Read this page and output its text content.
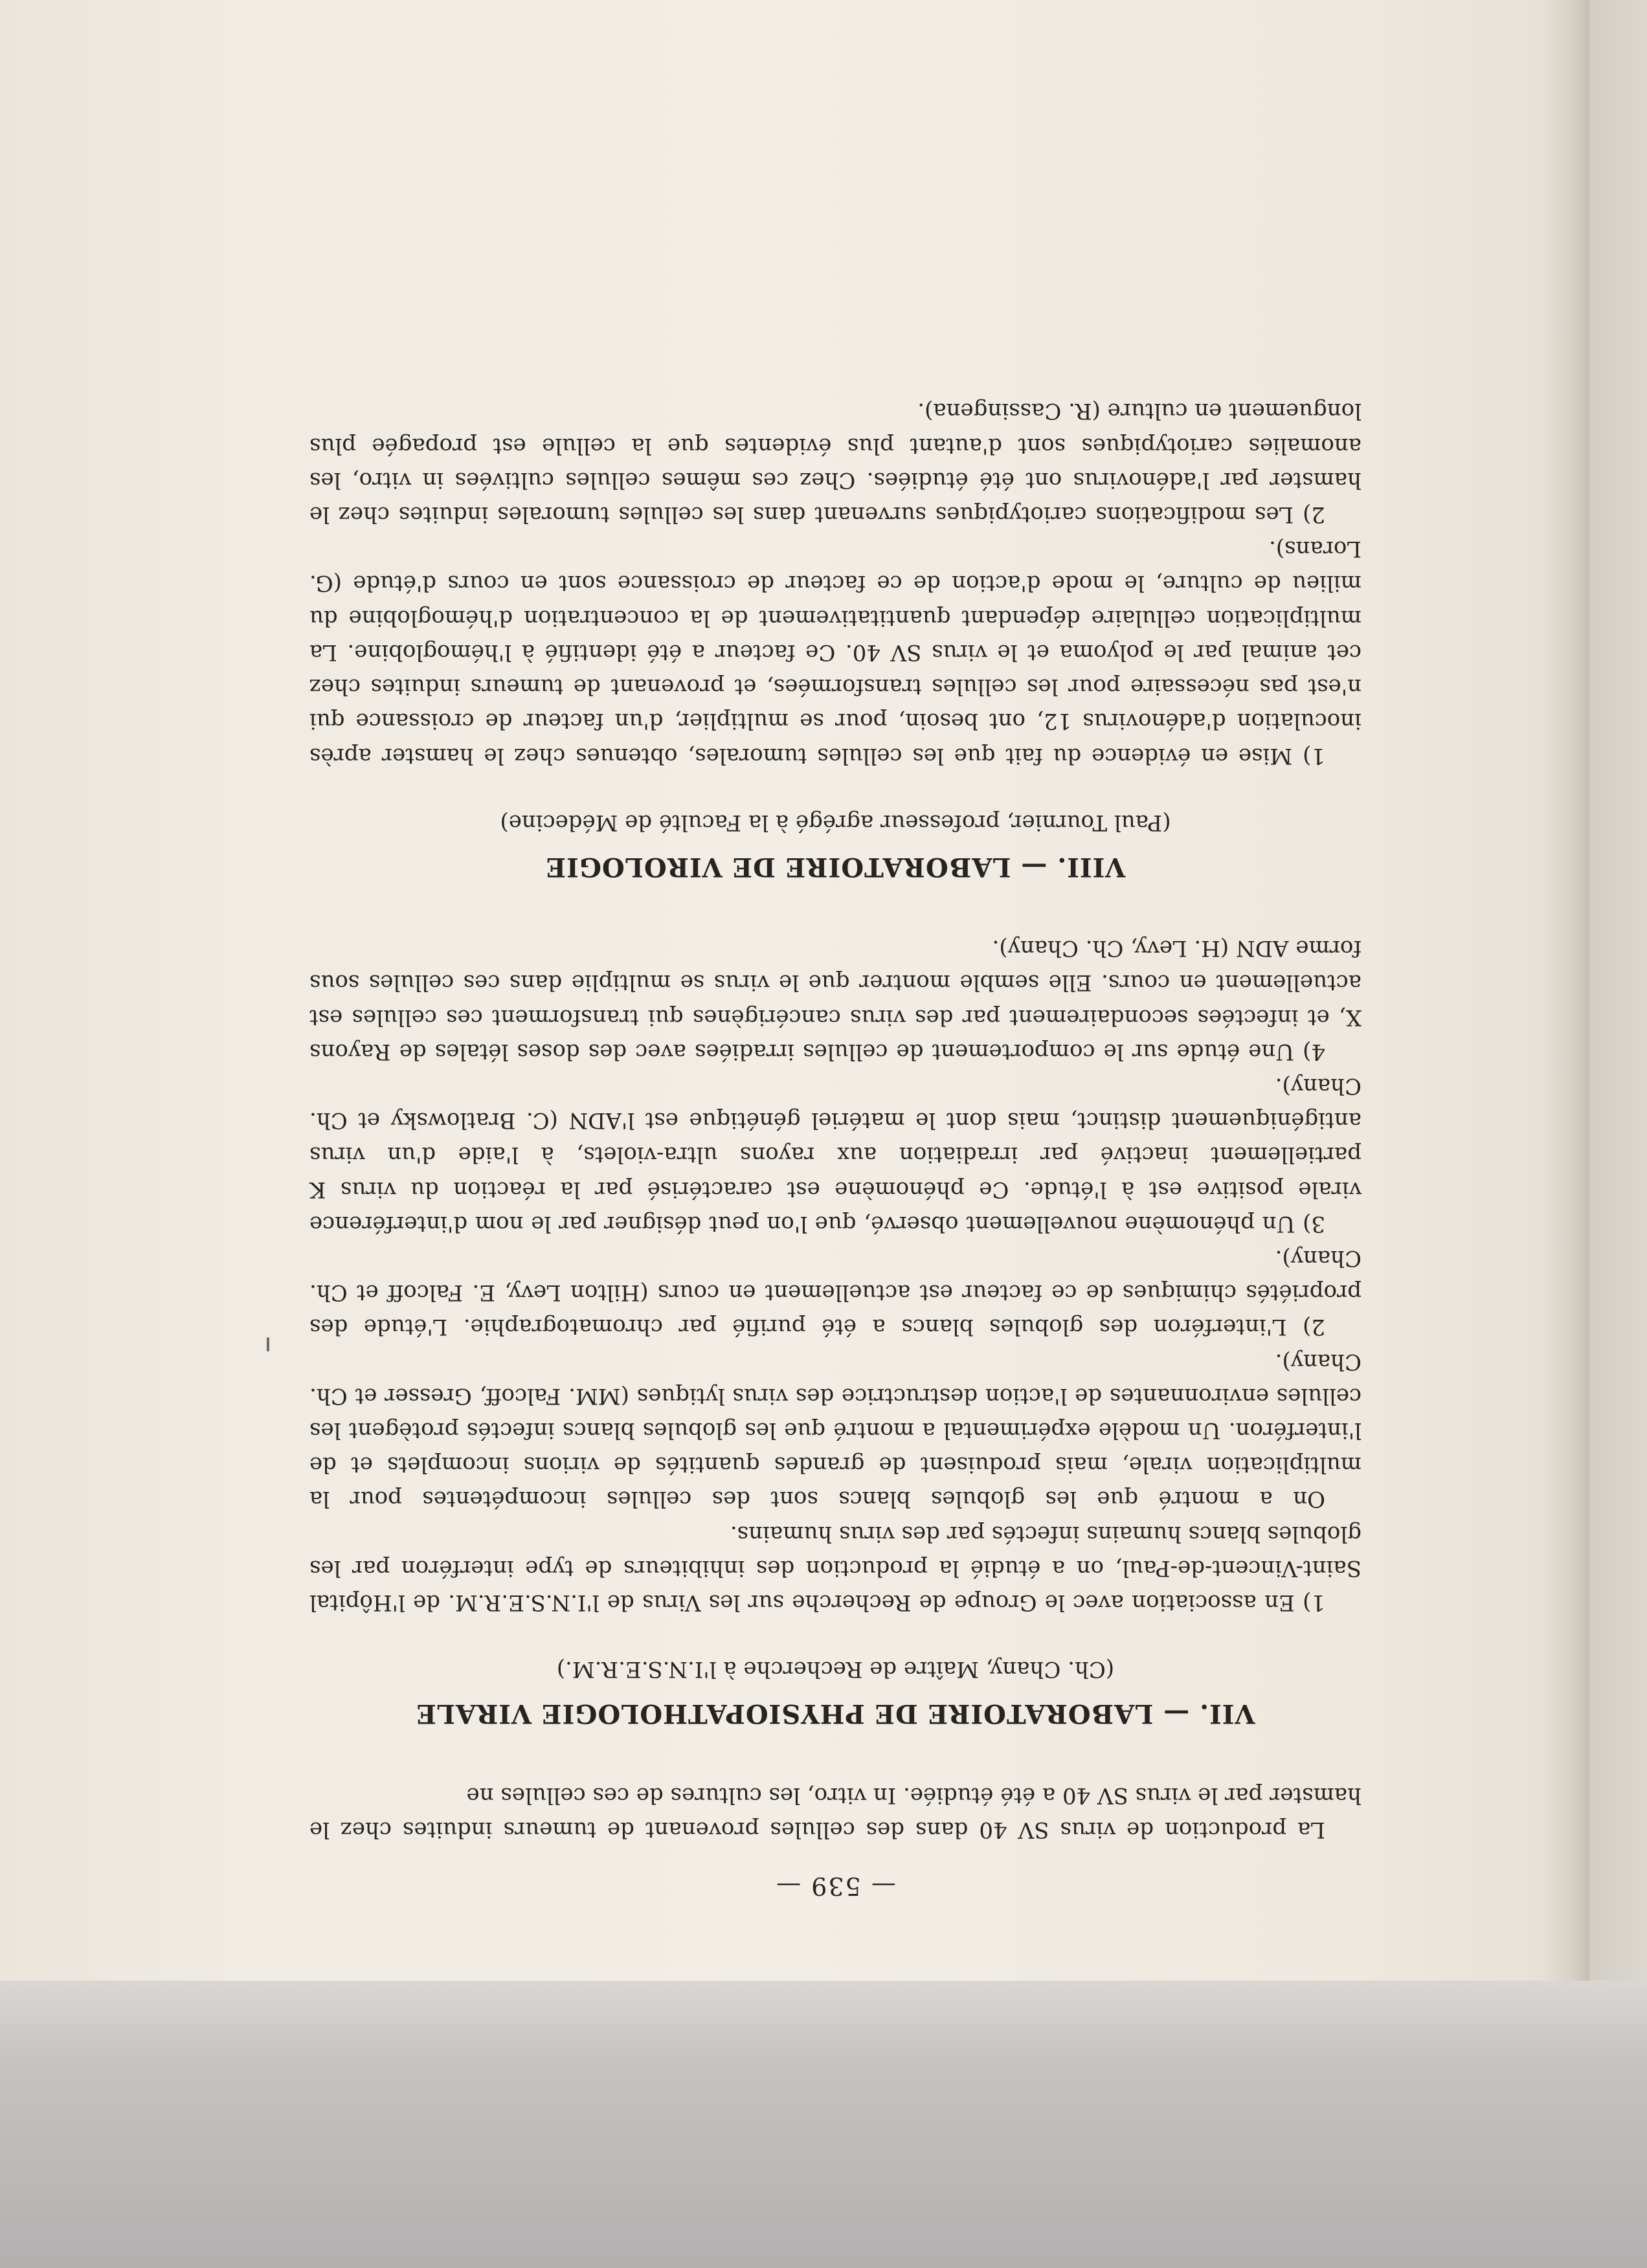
— 539 —

La production de virus SV 40 dans des cellules provenant de tumeurs induites chez le hamster par le virus SV 40 a été étudiée. In vitro, les cultures de ces cellules ne

VII. — LABORATOIRE DE PHYSIOPATHOLOGIE VIRALE
(Ch. Chany, Maître de Recherche à l'I.N.S.E.R.M.)

1) En association avec le Groupe de Recherche sur les Virus de l'I.N.S.E.R.M. de l'Hôpital Saint-Vincent-de-Paul, on a étudié la production des inhibiteurs de type interféron par les globules blancs humains infectés par des virus humains.

On a montré que les globules blancs sont des cellules incompétentes pour la multiplication virale, mais produisent de grandes quantités de virions incomplets et de l'interféron. Un modèle expérimental a montré que les globules blancs infectés protègent les cellules environnantes de l'action destructrice des virus lytiques (MM. Falcoff, Gresser et Ch. Chany).

2) L'interféron des globules blancs a été purifié par chromatographie. L'étude des propriétés chimiques de ce facteur est actuellement en cours (Hilton Levy, E. Falcoff et Ch. Chany).

3) Un phénomène nouvellement observé, que l'on peut désigner par le nom d'interférence virale positive est à l'étude. Ce phénomène est caractérisé par la réaction du virus K partiellement inactivé par irradiation aux rayons ultra-violets, à l'aide d'un virus antigéniquement distinct, mais dont le matériel génétique est l'ADN (C. Bratlowsky et Ch. Chany).

4) Une étude sur le comportement de cellules irradiées avec des doses létales de Rayons X, et infectées secondairement par des virus cancérigènes qui transforment ces cellules est actuellement en cours. Elle semble montrer que le virus se multiplie dans ces cellules sous forme ADN (H. Levy, Ch. Chany).

VIII. — LABORATOIRE DE VIROLOGIE
(Paul Tournier, professeur agrégé à la Faculté de Médecine)

1) Mise en évidence du fait que les cellules tumorales, obtenues chez le hamster après inoculation d'adénovirus 12, ont besoin, pour se multiplier, d'un facteur de croissance qui n'est pas nécessaire pour les cellules transformées, et provenant de tumeurs induites chez cet animal par le polyoma et le virus SV 40. Ce facteur a été identifié à l'hémoglobine. La multiplication cellulaire dépendant quantitativement de la concentration d'hémoglobine du milieu de culture, le mode d'action de ce facteur de croissance sont en cours d'étude (G. Lorans).

2) Les modifications cariotypiques survenant dans les cellules tumorales induites chez le hamster par l'adénovirus ont été étudiées. Chez ces mêmes cellules cultivées in vitro, les anomalies cariotypiques sont d'autant plus évidentes que la cellule est propagée plus longuement en culture (R. Cassingena).
